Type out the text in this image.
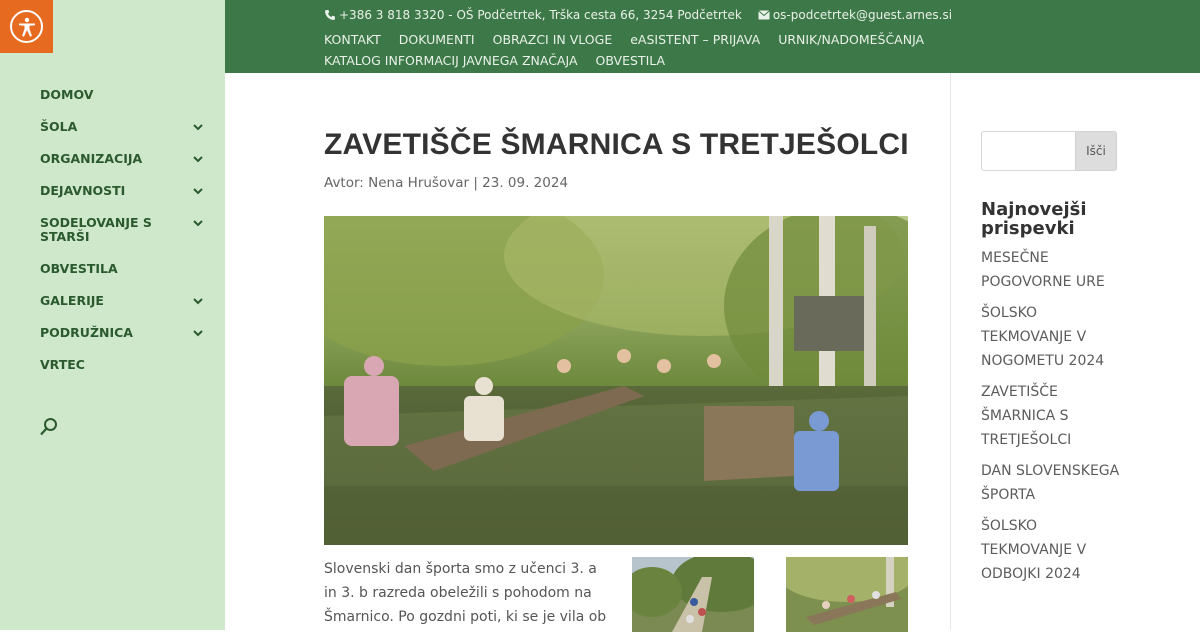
DOMOV
ŠOLA
ORGANIZACIJA
DEJAVNOSTI
SODELOVANJE S STARŠI
OBVESTILA
GALERIJE
PODRUŽNICA
VRTEC
+386 3 818 3320 - OŠ Podčetrtek, Trška cesta 66, 3254 Podčetrtek	os-podcetrtek@guest.arnes.si
KONTAKT DOKUMENTI OBRAZCI IN VLOGE eASISTENT – PRIJAVA URNIK/NADOMEŠČANJA
KATALOG INFORMACIJ JAVNEGA ZNAČAJA OBVESTILA
ZAVETIŠČE ŠMARNICA S TRETJEŠOLCI
Avtor: Nena Hrušovar | 23. 09. 2024

Slovenski dan športa smo z učenci 3. a in 3. b razreda obeležili s pohodom na Šmarnico. Po gozdni poti, ki se je vila ob

Išči
Najnovejši prispevki
MESEČNE POGOVORNE URE
ŠOLSKO TEKMOVANJE V NOGOMETU 2024
ZAVETIŠČE ŠMARNICA S TRETJEŠOLCI
DAN SLOVENSKEGA ŠPORTA
ŠOLSKO TEKMOVANJE V ODBOJKI 2024
